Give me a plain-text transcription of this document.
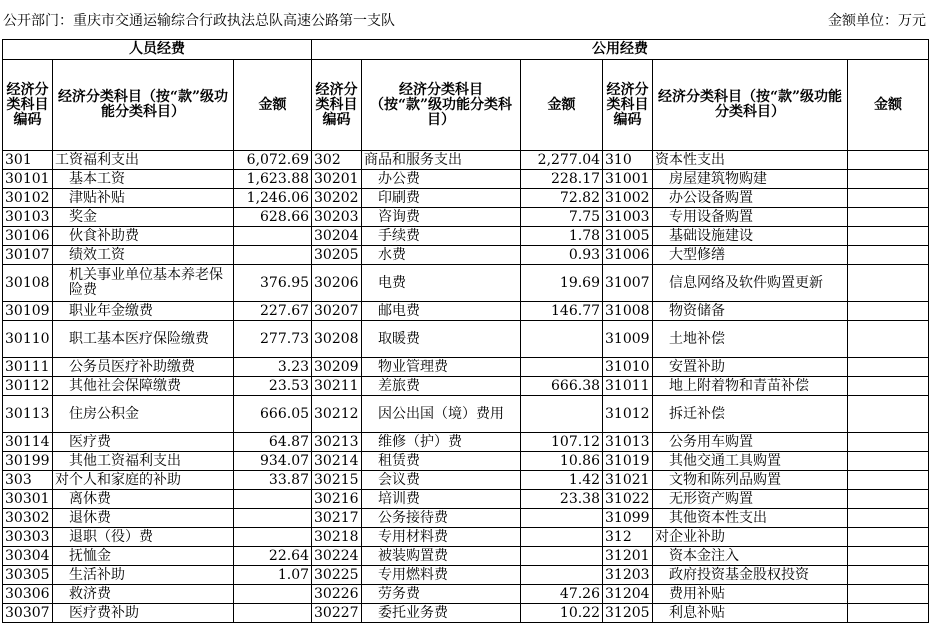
公开部门：重庆市交通运输综合行政执法总队高速公路第一支队	金额单位：万元
人员经费			公用经费					
经济分类科目编码	经济分类科目（按“款”级功能分类科目）	金额	经济分类科目编码	经济分类科目（按“款”级功能分类科目）	金额	经济分类科目编码	经济分类科目（按“款”级功能分类科目）	金额
301	工资福利支出	6,072.69	302	商品和服务支出	2,277.04	310	资本性支出	
30101	基本工资	1,623.88	30201	办公费	228.17	31001	房屋建筑物购建	
30102	津贴补贴	1,246.06	30202	印刷费	72.82	31002	办公设备购置	
30103	奖金	628.66	30203	咨询费	7.75	31003	专用设备购置	
30106	伙食补助费		30204	手续费	1.78	31005	基础设施建设	
30107	绩效工资		30205	水费	0.93	31006	大型修缮	
30108	机关事业单位基本养老保险费	376.95	30206	电费	19.69	31007	信息网络及软件购置更新	
30109	职业年金缴费	227.67	30207	邮电费	146.77	31008	物资储备	
30110	职工基本医疗保险缴费	277.73	30208	取暖费		31009	土地补偿	
30111	公务员医疗补助缴费	3.23	30209	物业管理费		31010	安置补助	
30112	其他社会保障缴费	23.53	30211	差旅费	666.38	31011	地上附着物和青苗补偿	
30113	住房公积金	666.05	30212	因公出国（境）费用		31012	拆迁补偿	
30114	医疗费	64.87	30213	维修（护）费	107.12	31013	公务用车购置	
30199	其他工资福利支出	934.07	30214	租赁费	10.86	31019	其他交通工具购置	
303	对个人和家庭的补助	33.87	30215	会议费	1.42	31021	文物和陈列品购置	
30301	离休费		30216	培训费	23.38	31022	无形资产购置	
30302	退休费		30217	公务接待费		31099	其他资本性支出	
30303	退职（役）费		30218	专用材料费		312	对企业补助	
30304	抚恤金	22.64	30224	被装购置费		31201	资本金注入	
30305	生活补助	1.07	30225	专用燃料费		31203	政府投资基金股权投资	
30306	救济费		30226	劳务费	47.26	31204	费用补贴	
30307	医疗费补助		30227	委托业务费	10.22	31205	利息补贴	
